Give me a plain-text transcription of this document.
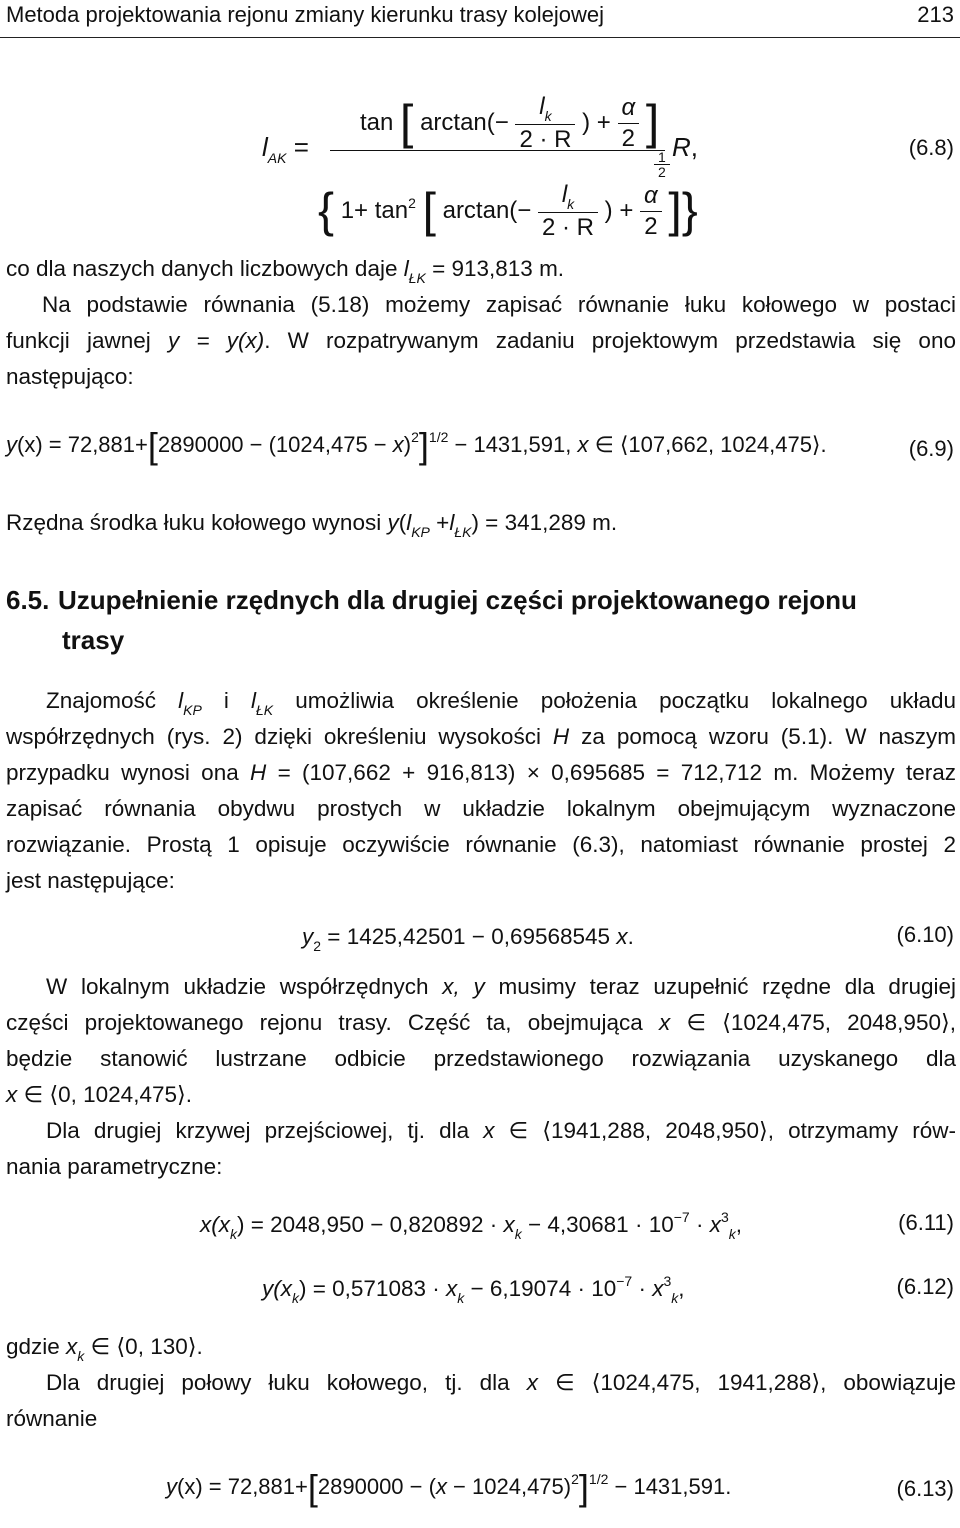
Metoda projektowania rejonu zmiany kierunku trasy kolejowej	213
$l_{AK}$ =
tan [ $\arctan(- \frac{l_k}{2 \cdot R}$ ) + $\frac{\alpha}{2}$ ]
{ $1+ \tan^2$ [ $\arctan(- \frac{l_k}{2 \cdot R}$ ) + $\frac{\alpha}{2}$ ]}
$\frac{1}{2}$
R,	(6.8)
co dla naszych danych liczbowych daje $l_{ŁK} = 913,813$ m.
Na podstawie równania (5.18) możemy zapisać równanie łuku kołowego w postaci
funkcji jawnej y = y(x). W rozpatrywanym zadaniu projektowym przedstawia się ono
następująco:
$y(x) = 72,881+[2890000 - (1024,475 - x)^2]^{1/2} - 1431,591$, x ∈ ⟨107,662, 1024,475⟩.	(6.9)
Rzędna środka łuku kołowego wynosi $y(l_{KP} +l_{ŁK}) = 341,289$ m.
6.5. Uzupełnienie rzędnych dla drugiej części projektowanego rejonu
trasy
Znajomość $l_{KP}$ i $l_{ŁK}$ umożliwia określenie położenia początku lokalnego układu
współrzędnych (rys. 2) dzięki określeniu wysokości H za pomocą wzoru (5.1). W naszym
przypadku wynosi ona H = (107,662 + 916,813) × 0,695685 = 712,712 m. Możemy teraz
zapisać równania obydwu prostych w układzie lokalnym obejmującym wyznaczone
rozwiązanie. Prostą 1 opisuje oczywiście równanie (6.3), natomiast równanie prostej 2
jest następujące:
$y_2 = 1425,42501 - 0,69568545$ x.	(6.10)
W lokalnym układzie współrzędnych x, y musimy teraz uzupełnić rzędne dla drugiej
części projektowanego rejonu trasy. Część ta, obejmująca x ∈ ⟨1024,475, 2048,950⟩,
będzie stanowić lustrzane odbicie przedstawionego rozwiązania uzyskanego dla
x ∈ ⟨0, 1024,475⟩.
Dla drugiej krzywej przejściowej, tj. dla x ∈ ⟨1941,288, 2048,950⟩, otrzymamy rów-
nania parametryczne:
$x(x_k) = 2048,950 - 0,820892 \cdot x_k - 4,30681 \cdot 10^{-7} \cdot x^3_k$,	(6.11)
$y(x_k) = 0,571083 \cdot x_k - 6,19074 \cdot 10^{-7} \cdot x^3_k$,	(6.12)
gdzie $x_k$ ∈ ⟨0, 130⟩.
Dla drugiej połowy łuku kołowego, tj. dla x ∈ ⟨1024,475, 1941,288⟩, obowiązuje
równanie
$y(x) = 72,881+[2890000 - (x - 1024,475)^2]^{1/2} - 1431,591$.	(6.13)
